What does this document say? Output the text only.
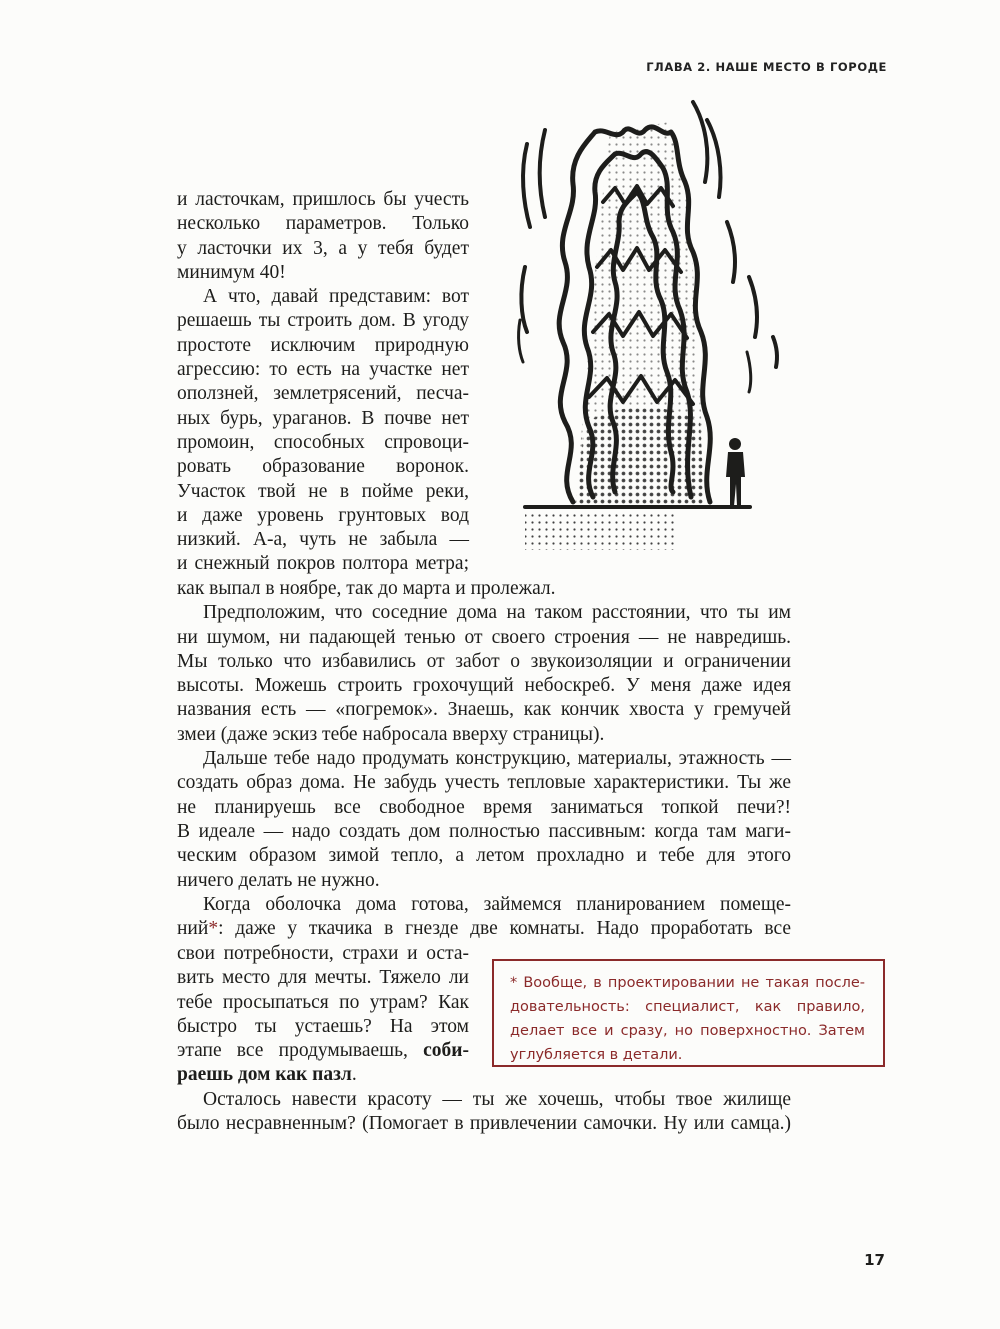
ГЛАВА 2. НАШЕ МЕСТО В ГОРОДЕ
и ласточкам, пришлось бы учесть
несколько параметров. Только
у ласточки их 3, а у тебя будет
минимум 40!
А что, давай представим: вот
решаешь ты строить дом. В угоду
простоте исключим природную
агрессию: то есть на участке нет
оползней, землетрясений, песча-
ных бурь, ураганов. В почве нет
промоин, способных спровоци-
ровать образование воронок.
Участок твой не в пойме реки,
и даже уровень грунтовых вод
низкий. А-а, чуть не забыла —
и снежный покров полтора метра;
как выпал в ноябре, так до марта и пролежал.
Предположим, что соседние дома на таком расстоянии, что ты им
ни шумом, ни падающей тенью от своего строения — не навредишь.
Мы только что избавились от забот о звукоизоляции и ограничении
высоты. Можешь строить грохочущий небоскреб. У меня даже идея
названия есть — «погремок». Знаешь, как кончик хвоста у гремучей
змеи (даже эскиз тебе набросала вверху страницы).
Дальше тебе надо продумать конструкцию, материалы, этажность —
создать образ дома. Не забудь учесть тепловые характеристики. Ты же
не планируешь все свободное время заниматься топкой печи?!
В идеале — надо создать дом полностью пассивным: когда там маги-
ческим образом зимой тепло, а летом прохладно и тебе для этого
ничего делать не нужно.
Когда оболочка дома готова, займемся планированием помеще-
ний*: даже у ткачика в гнезде две комнаты. Надо проработать все
свои потребности, страхи и оста-
вить место для мечты. Тяжело ли
тебе просыпаться по утрам? Как
быстро ты устаешь? На этом
этапе все продумываешь, соби-
раешь дом как пазл.
Осталось навести красоту — ты же хочешь, чтобы твое жилище
было несравненным? (Помогает в привлечении самочки. Ну или самца.)
* Вообще, в проектировании не такая после-
довательность: специалист, как правило,
делает все и сразу, но поверхностно. Затем
углубляется в детали.
17
